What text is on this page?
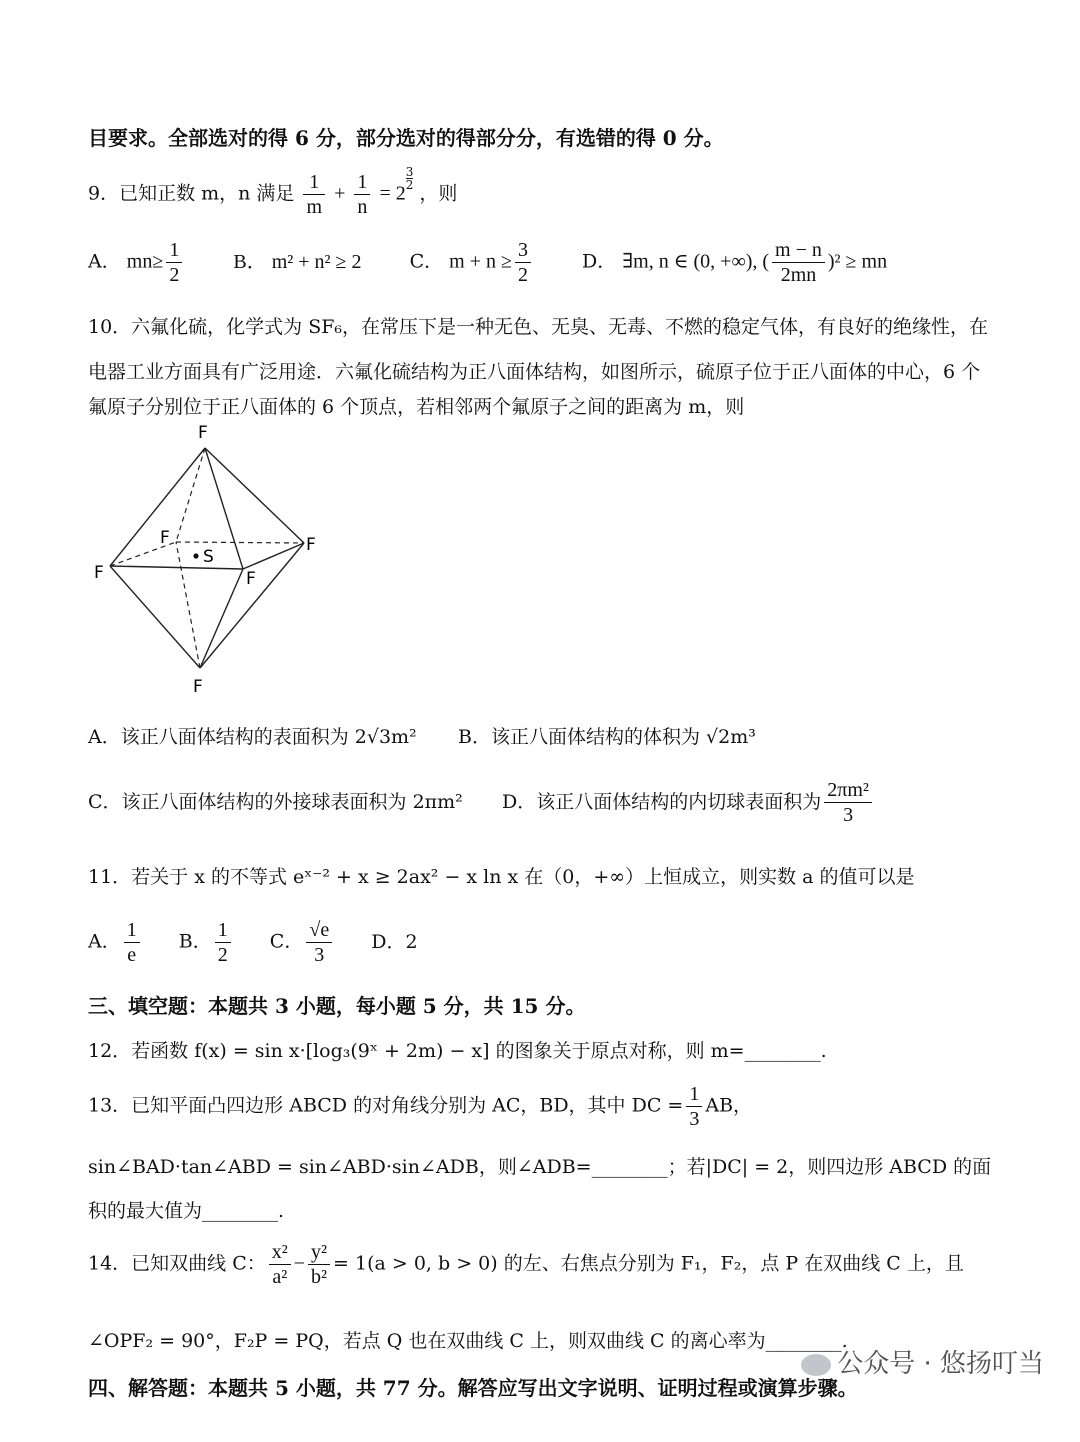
目要求。全部选对的得 6 分，部分选对的得部分分，有选错的得 0 分。
9．已知正数 m，n 满足 $\frac{1}{m} + \frac{1}{n} = 2$
$\frac{3}{2}$
，则
A． $mn\ge \frac{1}{2}$	B． m² + n² ≥ 2	C． $m + n \ge \frac{3}{2}$	D． ∃m, n ∈ (0, +∞), ( $\frac{m - n}{2mn} )^2$ ≥ mn
10．六氟化硫，化学式为 SF₆，在常压下是一种无色、无臭、无毒、不燃的稳定气体，有良好的绝缘性，在
电器工业方面具有广泛用途．六氟化硫结构为正八面体结构，如图所示，硫原子位于正八面体的中心，6 个
氟原子分别位于正八面体的 6 个顶点，若相邻两个氟原子之间的距离为 m，则
F
F	F
F	F
F
S
A．该正八面体结构的表面积为 2√3m² B．该正八面体结构的体积为 √2m³
C．该正八面体结构的外接球表面积为 2πm² D．该正八面体结构的内切球表面积为 $\frac{\text{2πm²}}{3}$
11．若关于 x 的不等式 eˣ⁻² + x ≥ 2ax² − x ln x 在（0，+∞）上恒成立，则实数 a 的值可以是
A． $\frac{1}{e}$ B． $\frac{1}{2}$ C． $\frac{√e}{3}$ D．2
三、填空题：本题共 3 小题，每小题 5 分，共 15 分。
12．若函数 f(x) = sin x·[log₃(9ˣ + 2m) − x] 的图象关于原点对称，则 m=________.
13．已知平面凸四边形 ABCD 的对角线分别为 AC，BD，其中 DC = $\frac{1}{3}$ AB，
sin∠BAD·tan∠ABD = sin∠ABD·sin∠ADB，则∠ADB=________；若|DC| = 2，则四边形 ABCD 的面
积的最大值为________.
14．已知双曲线 C： $\frac{\text{x²}}{\text{a²}} - \frac{\text{y²}}{\text{b²}} = 1(a > 0$, b > 0) 的左、右焦点分别为 F₁，F₂，点 P 在双曲线 C 上，且
∠OPF₂ = 90°，F₂P = PQ，若点 Q 也在双曲线 C 上，则双曲线 C 的离心率为________.
四、解答题：本题共 5 小题，共 77 分。解答应写出文字说明、证明过程或演算步骤。
公众号 · 悠扬叮当
